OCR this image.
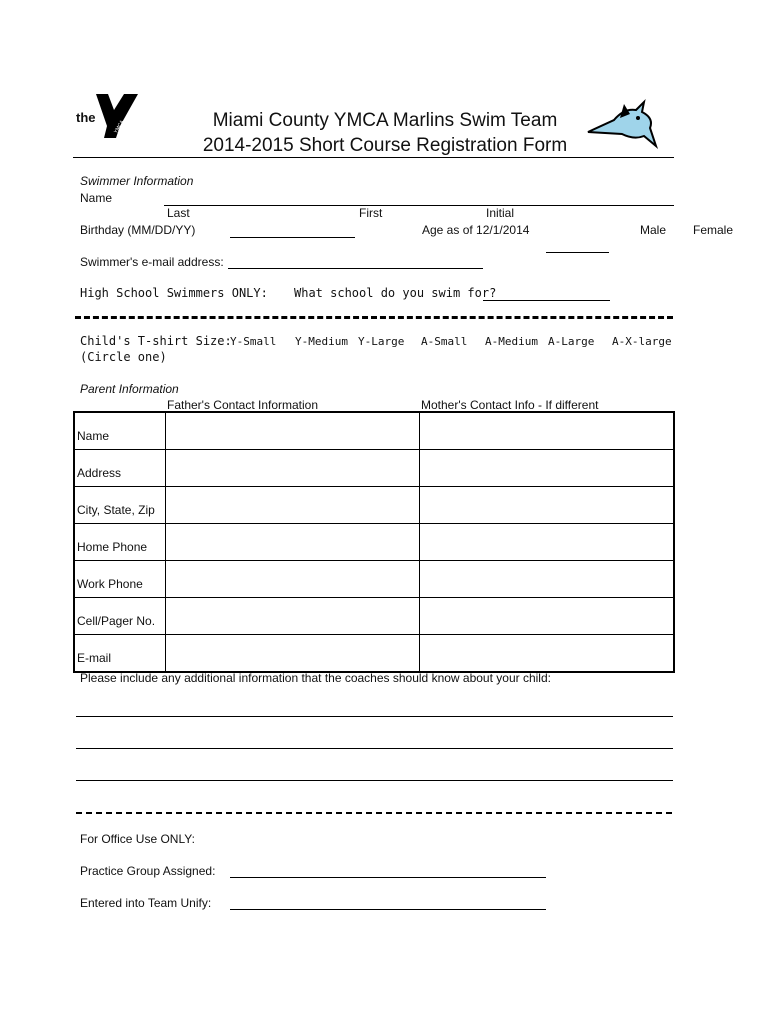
the
YMCA	Miami County YMCA Marlins Swim Team
2014-2015 Short Course Registration Form
Swimmer Information
Name
Last	First	Initial
Birthday (MM/DD/YY)	Age as of 12/1/2014	Male Female
Swimmer's e-mail address:
High School Swimmers ONLY: What school do you swim for?
Child's T-shirt Size:
(Circle one)
Y-Small Y-Medium Y-Large A-Small A-Medium A-Large A-X-large
Parent Information
Father's Contact Information	Mother's Contact Info - If different
Name		
Address		
City, State, Zip		
Home Phone		
Work Phone		
Cell/Pager No.		
E-mail		
Please include any additional information that the coaches should know about your child:
For Office Use ONLY:
Practice Group Assigned:
Entered into Team Unify:
